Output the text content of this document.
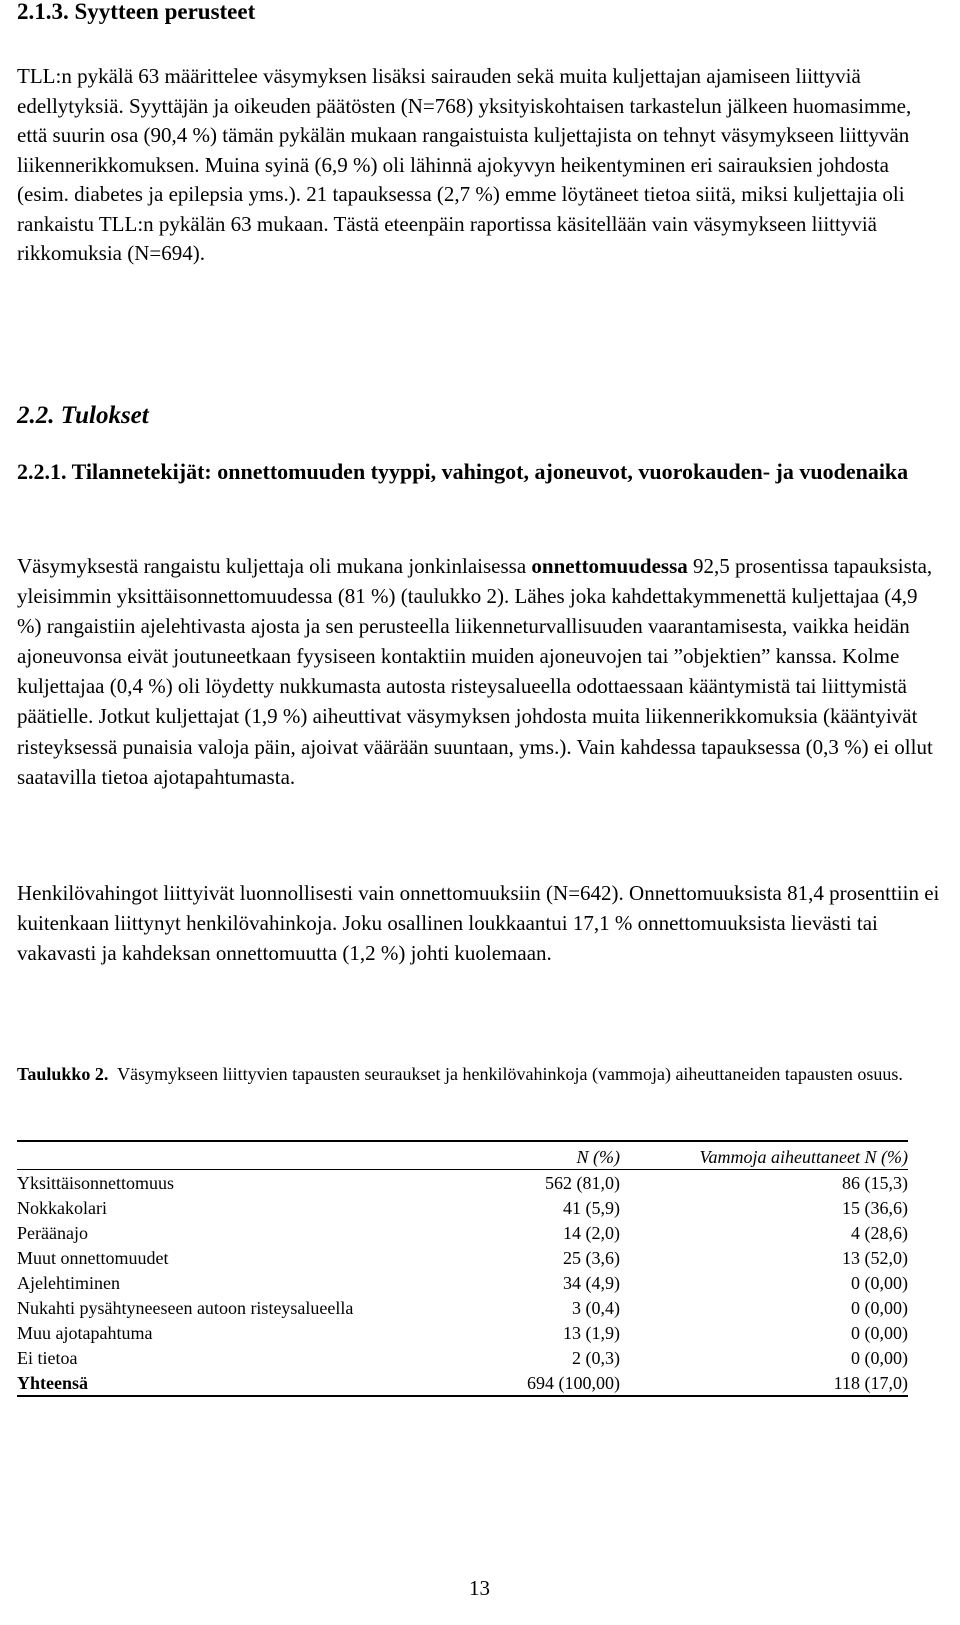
2.1.3. Syytteen perusteet

TLL:n pykälä 63 määrittelee väsymyksen lisäksi sairauden sekä muita kuljettajan ajamiseen liittyviä edellytyksiä. Syyttäjän ja oikeuden päätösten (N=768) yksityiskohtaisen tarkastelun jälkeen huomasimme, että suurin osa (90,4 %) tämän pykälän mukaan rangaistuista kuljettajista on tehnyt väsymykseen liittyvän liikennerikkomuksen. Muina syinä (6,9 %) oli lähinnä ajokyvyn heikentyminen eri sairauksien johdosta (esim. diabetes ja epilepsia yms.). 21 tapauksessa (2,7 %) emme löytäneet tietoa siitä, miksi kuljettajia oli rankaistu TLL:n pykälän 63 mukaan. Tästä eteenpäin raportissa käsitellään vain väsymykseen liittyviä rikkomuksia (N=694).

2.2. Tulokset
2.2.1. Tilannetekijät: onnettomuuden tyyppi, vahingot, ajoneuvot, vuorokauden- ja vuodenaika

Väsymyksestä rangaistu kuljettaja oli mukana jonkinlaisessa onnettomuudessa 92,5 prosentissa tapauksista, yleisimmin yksittäisonnettomuudessa (81 %) (taulukko 2). Lähes joka kahdettakymmenettä kuljettajaa (4,9 %) rangaistiin ajelehtivasta ajosta ja sen perusteella liikenneturvallisuuden vaarantamisesta, vaikka heidän ajoneuvonsa eivät joutuneetkaan fyysiseen kontaktiin muiden ajoneuvojen tai ”objektien” kanssa. Kolme kuljettajaa (0,4 %) oli löydetty nukkumasta autosta risteysalueella odottaessaan kääntymistä tai liittymistä päätielle. Jotkut kuljettajat (1,9 %) aiheuttivat väsymyksen johdosta muita liikennerikkomuksia (kääntyivät risteyksessä punaisia valoja päin, ajoivat väärään suuntaan, yms.). Vain kahdessa tapauksessa (0,3 %) ei ollut saatavilla tietoa ajotapahtumasta.

Henkilövahingot liittyivät luonnollisesti vain onnettomuuksiin (N=642). Onnettomuuksista 81,4 prosenttiin ei kuitenkaan liittynyt henkilövahinkoja. Joku osallinen loukkaantui 17,1 % onnettomuuksista lievästi tai vakavasti ja kahdeksan onnettomuutta (1,2 %) johti kuolemaan.

Taulukko 2. Väsymykseen liittyvien tapausten seuraukset ja henkilövahinkoja (vammoja) aiheuttaneiden tapausten osuus.

	N (%)	Vammoja aiheuttaneet N (%)
Yksittäisonnettomuus	562 (81,0)	86 (15,3)
Nokkakolari	41 (5,9)	15 (36,6)
Peräänajo	14 (2,0)	4 (28,6)
Muut onnettomuudet	25 (3,6)	13 (52,0)
Ajelehtiminen	34 (4,9)	0 (0,00)
Nukahti pysähtyneeseen autoon risteysalueella	3 (0,4)	0 (0,00)
Muu ajotapahtuma	13 (1,9)	0 (0,00)
Ei tietoa	2 (0,3)	0 (0,00)
Yhteensä	694 (100,00)	118 (17,0)
13
